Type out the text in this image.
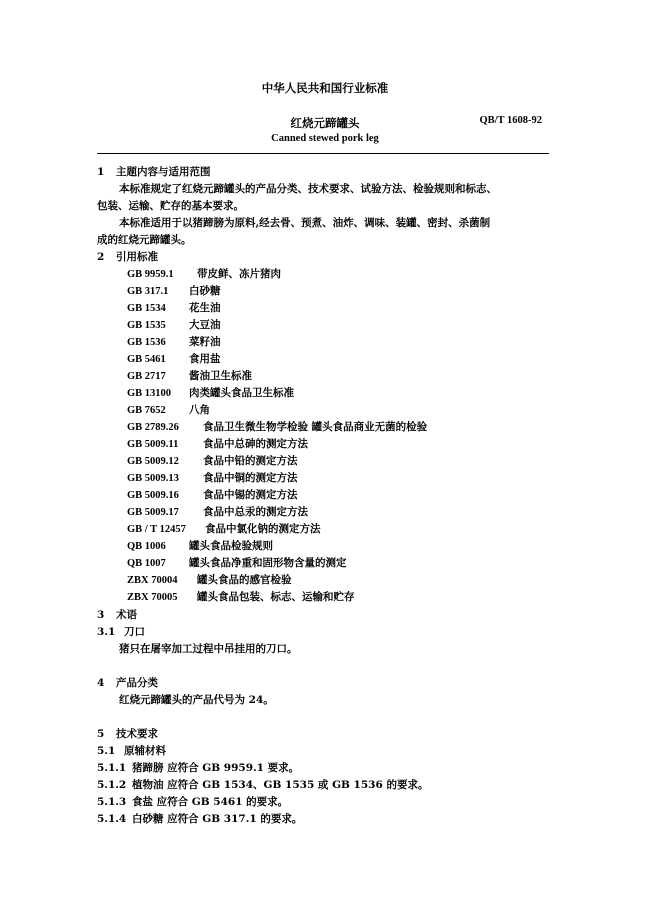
中华人民共和国行业标准
红烧元蹄罐头	QB/T 1608-92
Canned stewed pork leg
1 主题内容与适用范围
本标准规定了红烧元蹄罐头的产品分类、技术要求、试验方法、检验规则和标志、
包装、运输、贮存的基本要求。
本标准适用于以猪蹄膀为原料,经去骨、预煮、油炸、调味、装罐、密封、杀菌制
成的红烧元蹄罐头。
2 引用标准
GB 9959.1 带皮鲜、冻片猪肉
GB 317.1 白砂糖
GB 1534 花生油
GB 1535 大豆油
GB 1536 菜籽油
GB 5461 食用盐
GB 2717 酱油卫生标准
GB 13100 肉类罐头食品卫生标准
GB 7652 八角
GB 2789.26 食品卫生微生物学检验 罐头食品商业无菌的检验
GB 5009.11 食品中总砷的测定方法
GB 5009.12 食品中铅的测定方法
GB 5009.13 食品中铜的测定方法
GB 5009.16 食品中锡的测定方法
GB 5009.17 食品中总汞的测定方法
GB / T 12457 食品中氯化钠的测定方法
QB 1006 罐头食品检验规则
QB 1007 罐头食品净重和固形物含量的测定
ZBX 70004 罐头食品的感官检验
ZBX 70005 罐头食品包装、标志、运输和贮存
3 术语
3.1 刀口
猪只在屠宰加工过程中吊挂用的刀口。
4 产品分类
红烧元蹄罐头的产品代号为 24。
5 技术要求
5.1 原辅材料
5.1.1 猪蹄膀 应符合 GB 9959.1 要求。
5.1.2 植物油 应符合 GB 1534、GB 1535 或 GB 1536 的要求。
5.1.3 食盐 应符合 GB 5461 的要求。
5.1.4 白砂糖 应符合 GB 317.1 的要求。
